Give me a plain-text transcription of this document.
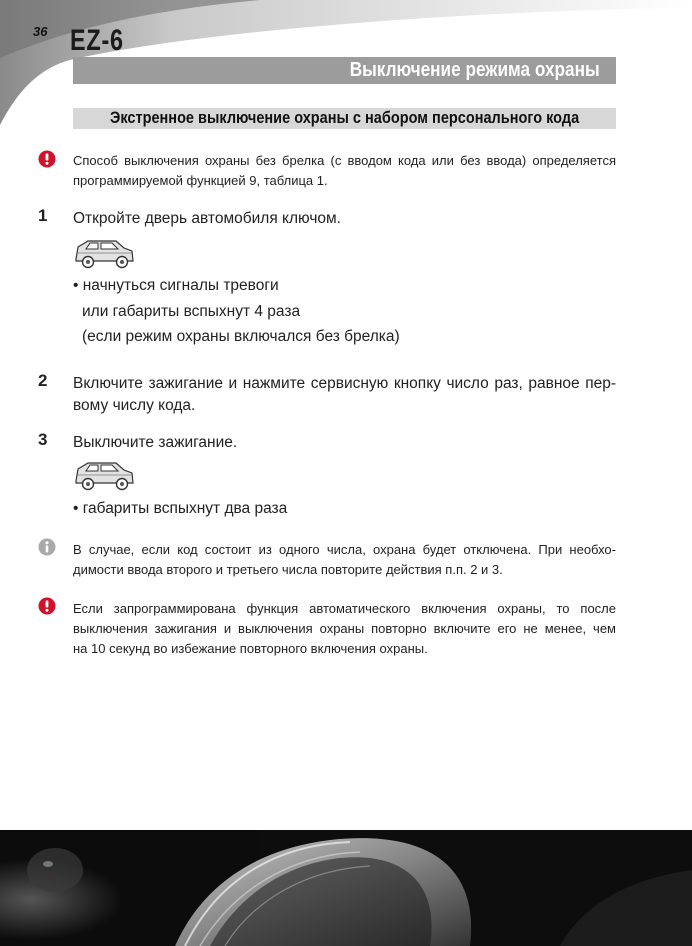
36 EZ-6
Выключение режима охраны
Экстренное выключение охраны с набором персонального кода
Способ выключения охраны без брелка (с вводом кода или без ввода) определяется
программируемой функцией 9, таблица 1.
1 Откройте дверь автомобиля ключом.
• начнуться сигналы тревоги
или габариты вспыхнут 4 раза
(если режим охраны включался без брелка)
2 Включите зажигание и нажмите сервисную кнопку число раз, равное пер-
вому числу кода.
3 Выключите зажигание.
• габариты вспыхнут два раза
В случае, если код состоит из одного числа, охрана будет отключена. При необхо-
димости ввода второго и третьего числа повторите действия п.п. 2 и 3.
Если запрограммирована функция автоматического включения охраны, то после
выключения зажигания и выключения охраны повторно включите его не менее, чем
на 10 секунд во избежание повторного включения охраны.
